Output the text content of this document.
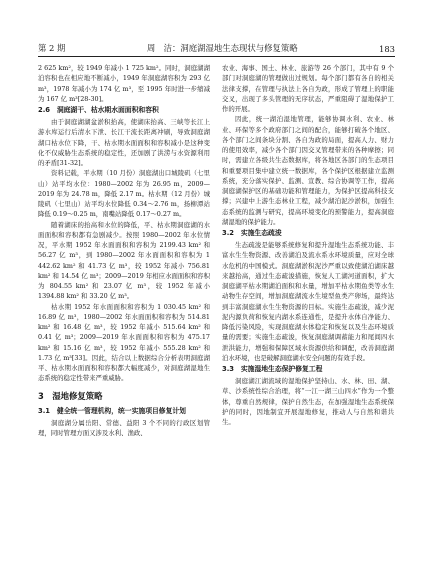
第 2 期	周　洁：洞庭湖湿地生态现状与修复策略	183

2 625 km²，较 1949 年减小 1 725 km²。同时，洞庭湖湖泊容积也在相应地不断减小，1949 年洞庭湖容积为 293 亿 m³，1978 年减小为 174 亿 m³，至 1995 年时进一步缩减为 167 亿 m³[28-30]。

2.6　洞庭湖干、枯水期水面面积和容积

由于洞庭湖湖盆淤积抬高，使湖床抬高、三峡等长江上游水库运行后清水下泄、长江干流长距离冲刷，导致洞庭湖湖口枯水位下降，干、枯水期水面面积和容积减小是这种变化不仅威胁生态系统的稳定性，还加剧了洪涝与水资源利用的矛盾[31-32]。

资料记载，平水期（10 月份）洞庭湖出口城陵矶（七里山）站平均水位：1980—2002 年为 26.95 m，2009—2019 年为 24.78 m，降低 2.17 m。枯水期（12 月份）城陵矶（七里山）站平均水位降低 0.34～2.76 m，扬柳潭站降低 0.19～0.25 m，南嘴站降低 0.17～0.27 m。

随着湖床的抬高和水位的降低，平、枯水期洞庭湖的水面面积和容积都有急剧减少。按照 1980—2002 年水位情况，平水期 1952 年水面面积和容积为 2199.43 km² 和 56.27 亿 m³，到 1980—2002 年水面面积和容积为 1 442.62 km² 和 41.73 亿 m³，较 1952 年减小 756.81 km² 和 14.54 亿 m³；2009—2019 年相应水面面积和容积为 804.55 km² 和 23.07 亿 m³，较 1952 年减小 1394.88 km² 和 33.20 亿 m³。

枯水期 1952 年水面面积和容积为 1 030.45 km² 和 16.89 亿 m³，1980—2002 年水面面积和容积为 514.81 km² 和 16.48 亿 m³，较 1952 年减小 515.64 km² 和 0.41 亿 m³；2009—2019 年水面面积和容积为 475.17 km² 和 15.16 亿 m³，较 1952 年减小 555.28 km² 和 1.73 亿 m³[33]。因此，结合以上数据综合分析表明洞庭湖平、枯水期水面面积和容积都大幅度减少，对洞庭湖湿地生态系统的稳定性带来严重威胁。

3　湿地修复策略
3.1　健全统一管理机构，统一实施项目修复计划

洞庭湖分属岳阳、常德、益阳 3 个不同的行政区划管理，同时管理方面又涉及水利、渔政、

农业、海事、国土、林业、旅游等 26 个部门，其中有 9 个部门对洞庭湖的管理做出过规划。每个部门都有各自的相关法律支撑，在管理与执法上各自为政，形成了管理上的职能交叉，出现了多头管理的无序状态，严重阻碍了湿地保护工作的开展。

因此，统一湖泊湿地管理，能够协调水利、农业、林业、环保等多个政府部门之间的配合，能够打破各个地区、各个部门之间条块分割、各自为政的局面，提高人力、财力的使用效率，减少各个部门因交叉管理带来的各种摩擦；同时，需建立各级共生态数据库，将各地区各部门的生态项目和重要项目集中建立统一数据库，各个保护区根据建立监测系统，充分落实保护、监测、宣教、综合协调等工作，提高洞庭湖保护区的基础功能和管理能力，为保护区提高科技支撑；兴建中上游生态林业工程，减少湖泊泥沙淤积，加强生态系统的监测与研究，提高环境变化的预警能力，提高洞庭湖湿地的保护能力。

3.2　实施生态疏浚

生态疏浚是能够系统修复和提升湿地生态系统功能、丰富水生生物资源、改善湖泊及流水系水环境质量，应对全球水危机的中国模式。洞庭湖淤积泥沙严重以致使湖泊湖床越来越抬高，通过生态疏浚措施，恢复人工湖河道面积，扩大洞庭湖平枯水期湖泊面积和水量，增加平枯水期鱼类等水生动物生存空间，增加洞庭湖流水生境型鱼类产卵场，最终达到丰富洞庭湖水生生物资源的目标。实施生态疏浚，减少泥泥内源负荷和恢复内湖水系连通性，是提升水体自净能力、降低污染风险，实现洞庭湖水体稳定和恢复以及生态环境质量的需要；实施生态疏浚，恢复洞庭湖调蓄能力和尾闾四水泄洪能力，增强和保障区域水资源供给和调配，改善洞庭湖泊水环境，也是破解洞庭湖水安全问题的有效手段。

3.3　实施湿地生态保护修复工程

洞庭湖江湖流域的湿地保护坚持山、水、林、田、湖、草、沙系统性综合治理，将“一江一湖三山四水”作为一个整体，尊重自然规律，保护自然生态，在加强湿地生态系统保护的同时，因地制宜开展湿地修复，推动人与自然和谐共生。
